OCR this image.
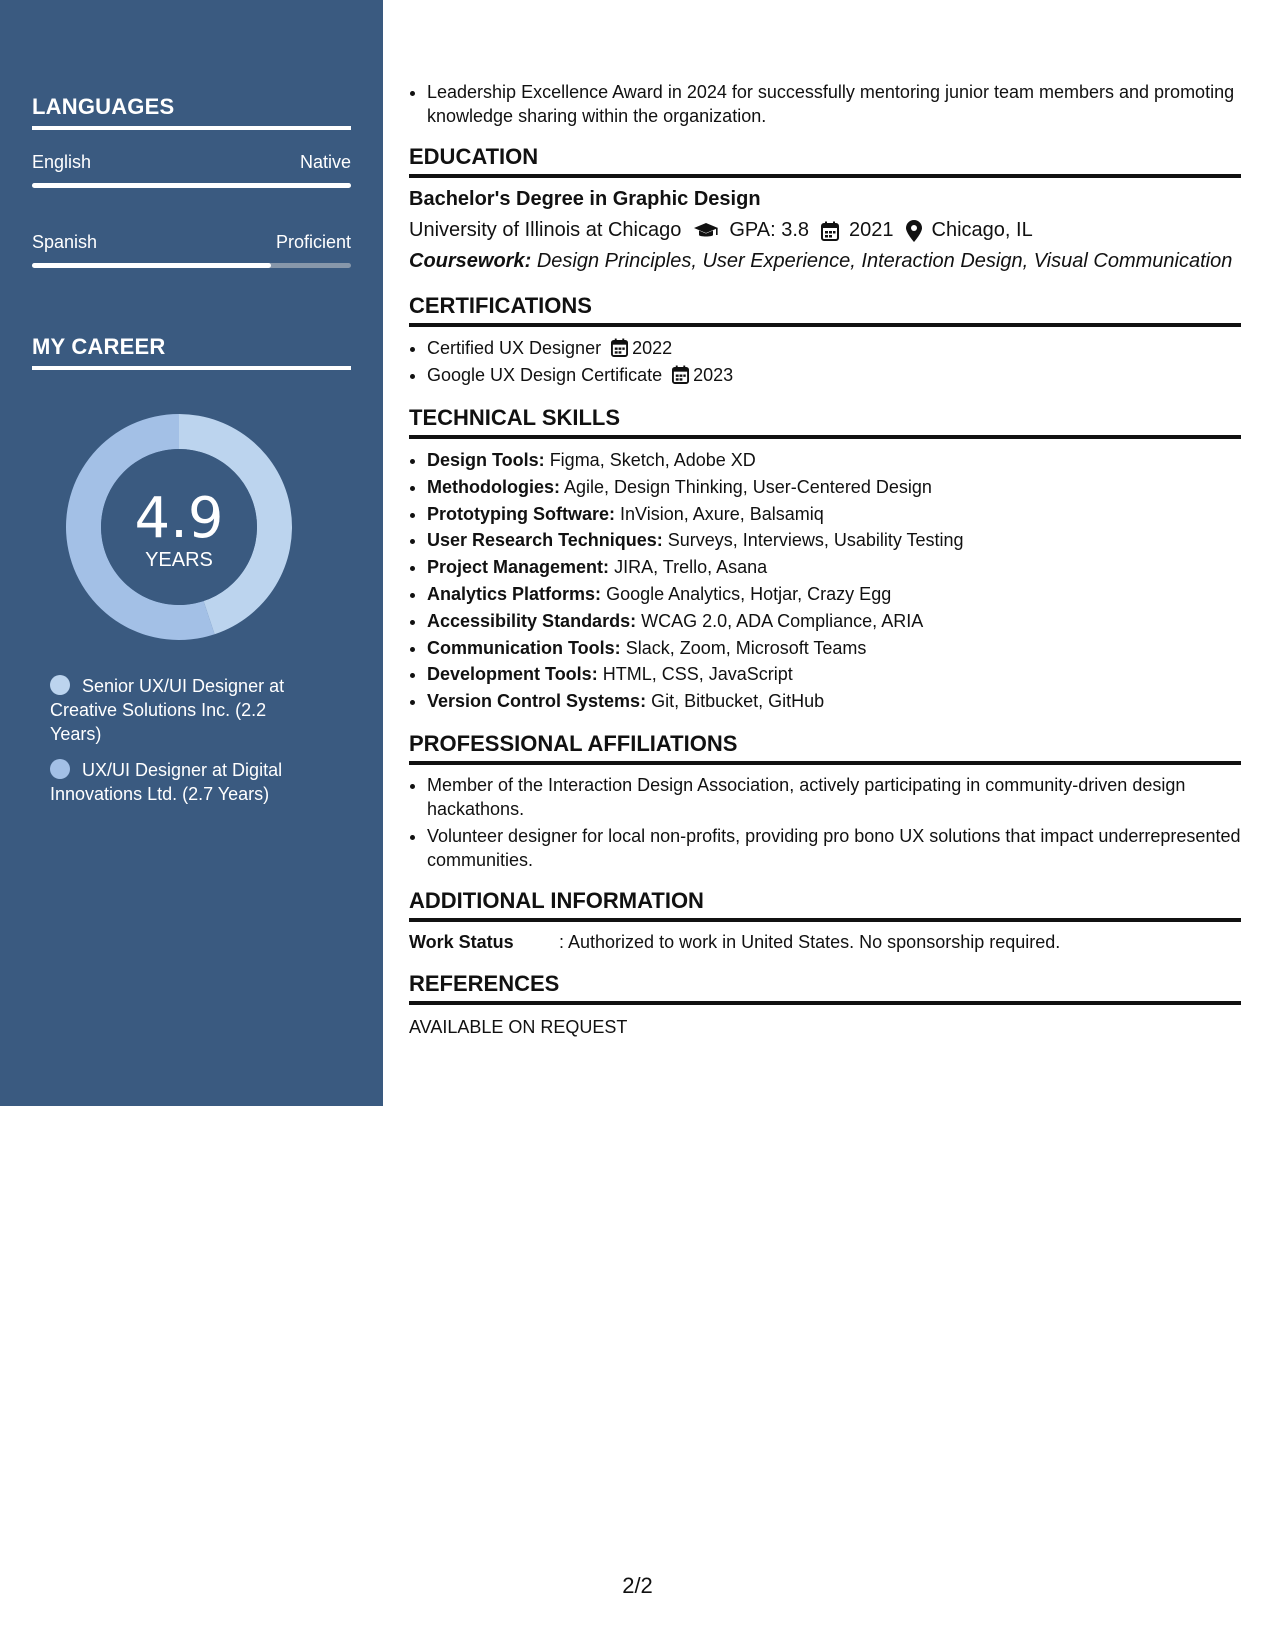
LANGUAGES
English	Native
Spanish	Proficient
MY CAREER
4.9
YEARS
Senior UX/UI Designer at Creative Solutions Inc. (2.2 Years)
UX/UI Designer at Digital Innovations Ltd. (2.7 Years)
• Leadership Excellence Award in 2024 for successfully mentoring junior team members and promoting knowledge sharing within the organization.
EDUCATION
Bachelor's Degree in Graphic Design
University of Illinois at Chicago GPA: 3.8 2021 Chicago, IL
Coursework: Design Principles, User Experience, Interaction Design, Visual Communication
CERTIFICATIONS
• Certified UX Designer 2022
• Google UX Design Certificate 2023
TECHNICAL SKILLS
• Design Tools: Figma, Sketch, Adobe XD
• Methodologies: Agile, Design Thinking, User-Centered Design
• Prototyping Software: InVision, Axure, Balsamiq
• User Research Techniques: Surveys, Interviews, Usability Testing
• Project Management: JIRA, Trello, Asana
• Analytics Platforms: Google Analytics, Hotjar, Crazy Egg
• Accessibility Standards: WCAG 2.0, ADA Compliance, ARIA
• Communication Tools: Slack, Zoom, Microsoft Teams
• Development Tools: HTML, CSS, JavaScript
• Version Control Systems: Git, Bitbucket, GitHub
PROFESSIONAL AFFILIATIONS
• Member of the Interaction Design Association, actively participating in community-driven design hackathons.
• Volunteer designer for local non-profits, providing pro bono UX solutions that impact underrepresented communities.
ADDITIONAL INFORMATION
Work Status	: Authorized to work in United States. No sponsorship required.
REFERENCES
AVAILABLE ON REQUEST
2/2
